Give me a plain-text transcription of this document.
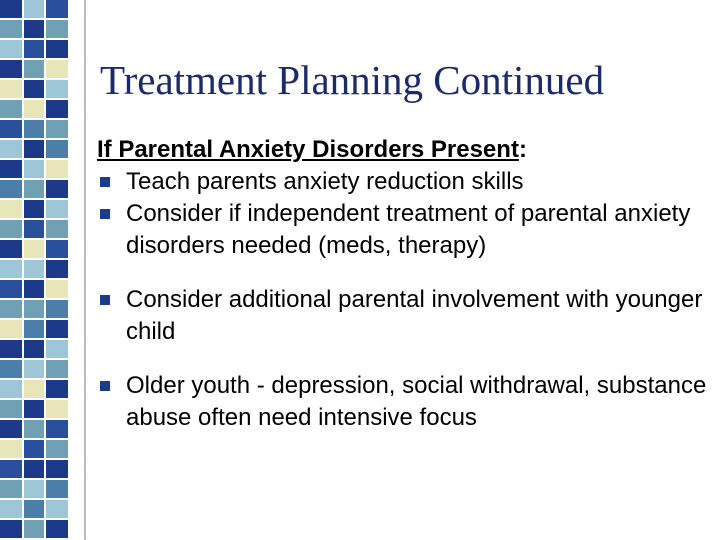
Treatment Planning Continued
If Parental Anxiety Disorders Present:
Teach parents anxiety reduction skills
Consider if independent treatment of parental anxiety disorders needed (meds, therapy)
Consider additional parental involvement with younger child
Older youth - depression, social withdrawal, substance abuse often need intensive focus
